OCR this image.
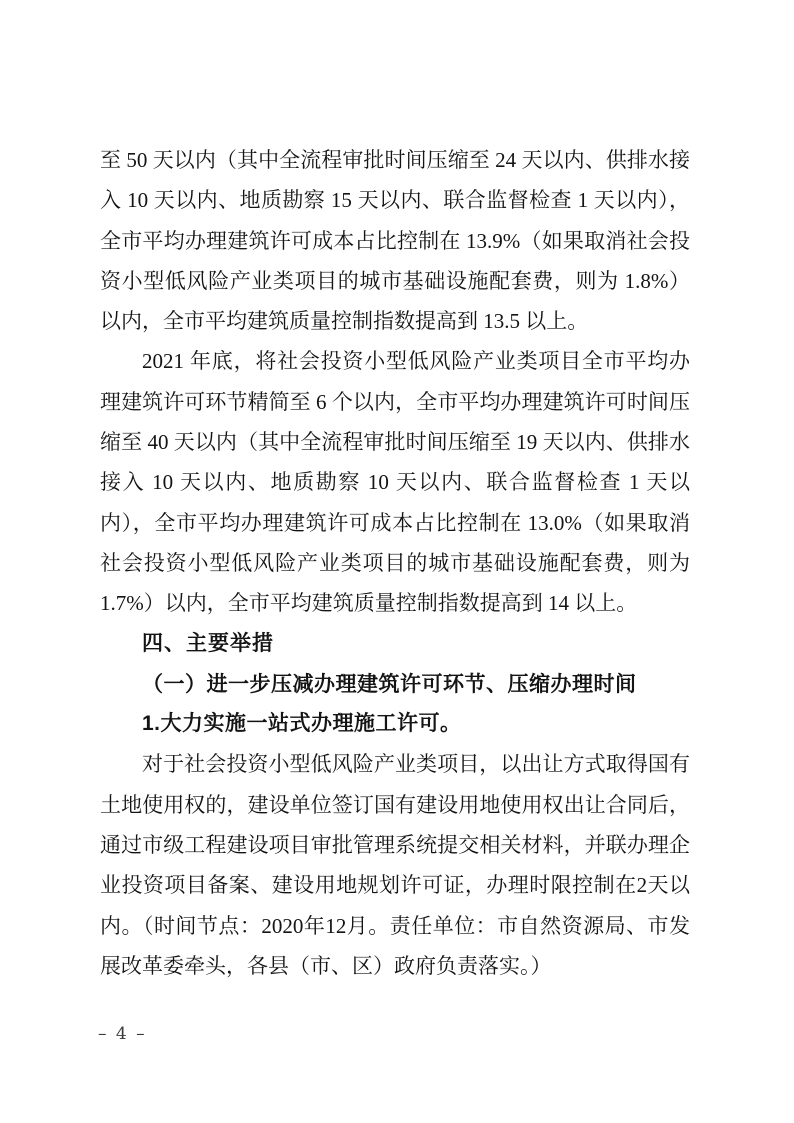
至 50 天以内（其中全流程审批时间压缩至 24 天以内、供排水接入 10 天以内、地质勘察 15 天以内、联合监督检查 1 天以内），全市平均办理建筑许可成本占比控制在 13.9%（如果取消社会投资小型低风险产业类项目的城市基础设施配套费，则为 1.8%）以内，全市平均建筑质量控制指数提高到 13.5 以上。

2021 年底，将社会投资小型低风险产业类项目全市平均办理建筑许可环节精简至 6 个以内，全市平均办理建筑许可时间压缩至 40 天以内（其中全流程审批时间压缩至 19 天以内、供排水接入 10 天以内、地质勘察 10 天以内、联合监督检查 1 天以内），全市平均办理建筑许可成本占比控制在 13.0%（如果取消社会投资小型低风险产业类项目的城市基础设施配套费，则为 1.7%）以内，全市平均建筑质量控制指数提高到 14 以上。

四、主要举措

（一）进一步压减办理建筑许可环节、压缩办理时间

1.大力实施一站式办理施工许可。

对于社会投资小型低风险产业类项目，以出让方式取得国有土地使用权的，建设单位签订国有建设用地使用权出让合同后，通过市级工程建设项目审批管理系统提交相关材料，并联办理企业投资项目备案、建设用地规划许可证，办理时限控制在2天以内。（时间节点：2020年12月。责任单位：市自然资源局、市发展改革委牵头，各县（市、区）政府负责落实。）

– 4 –
